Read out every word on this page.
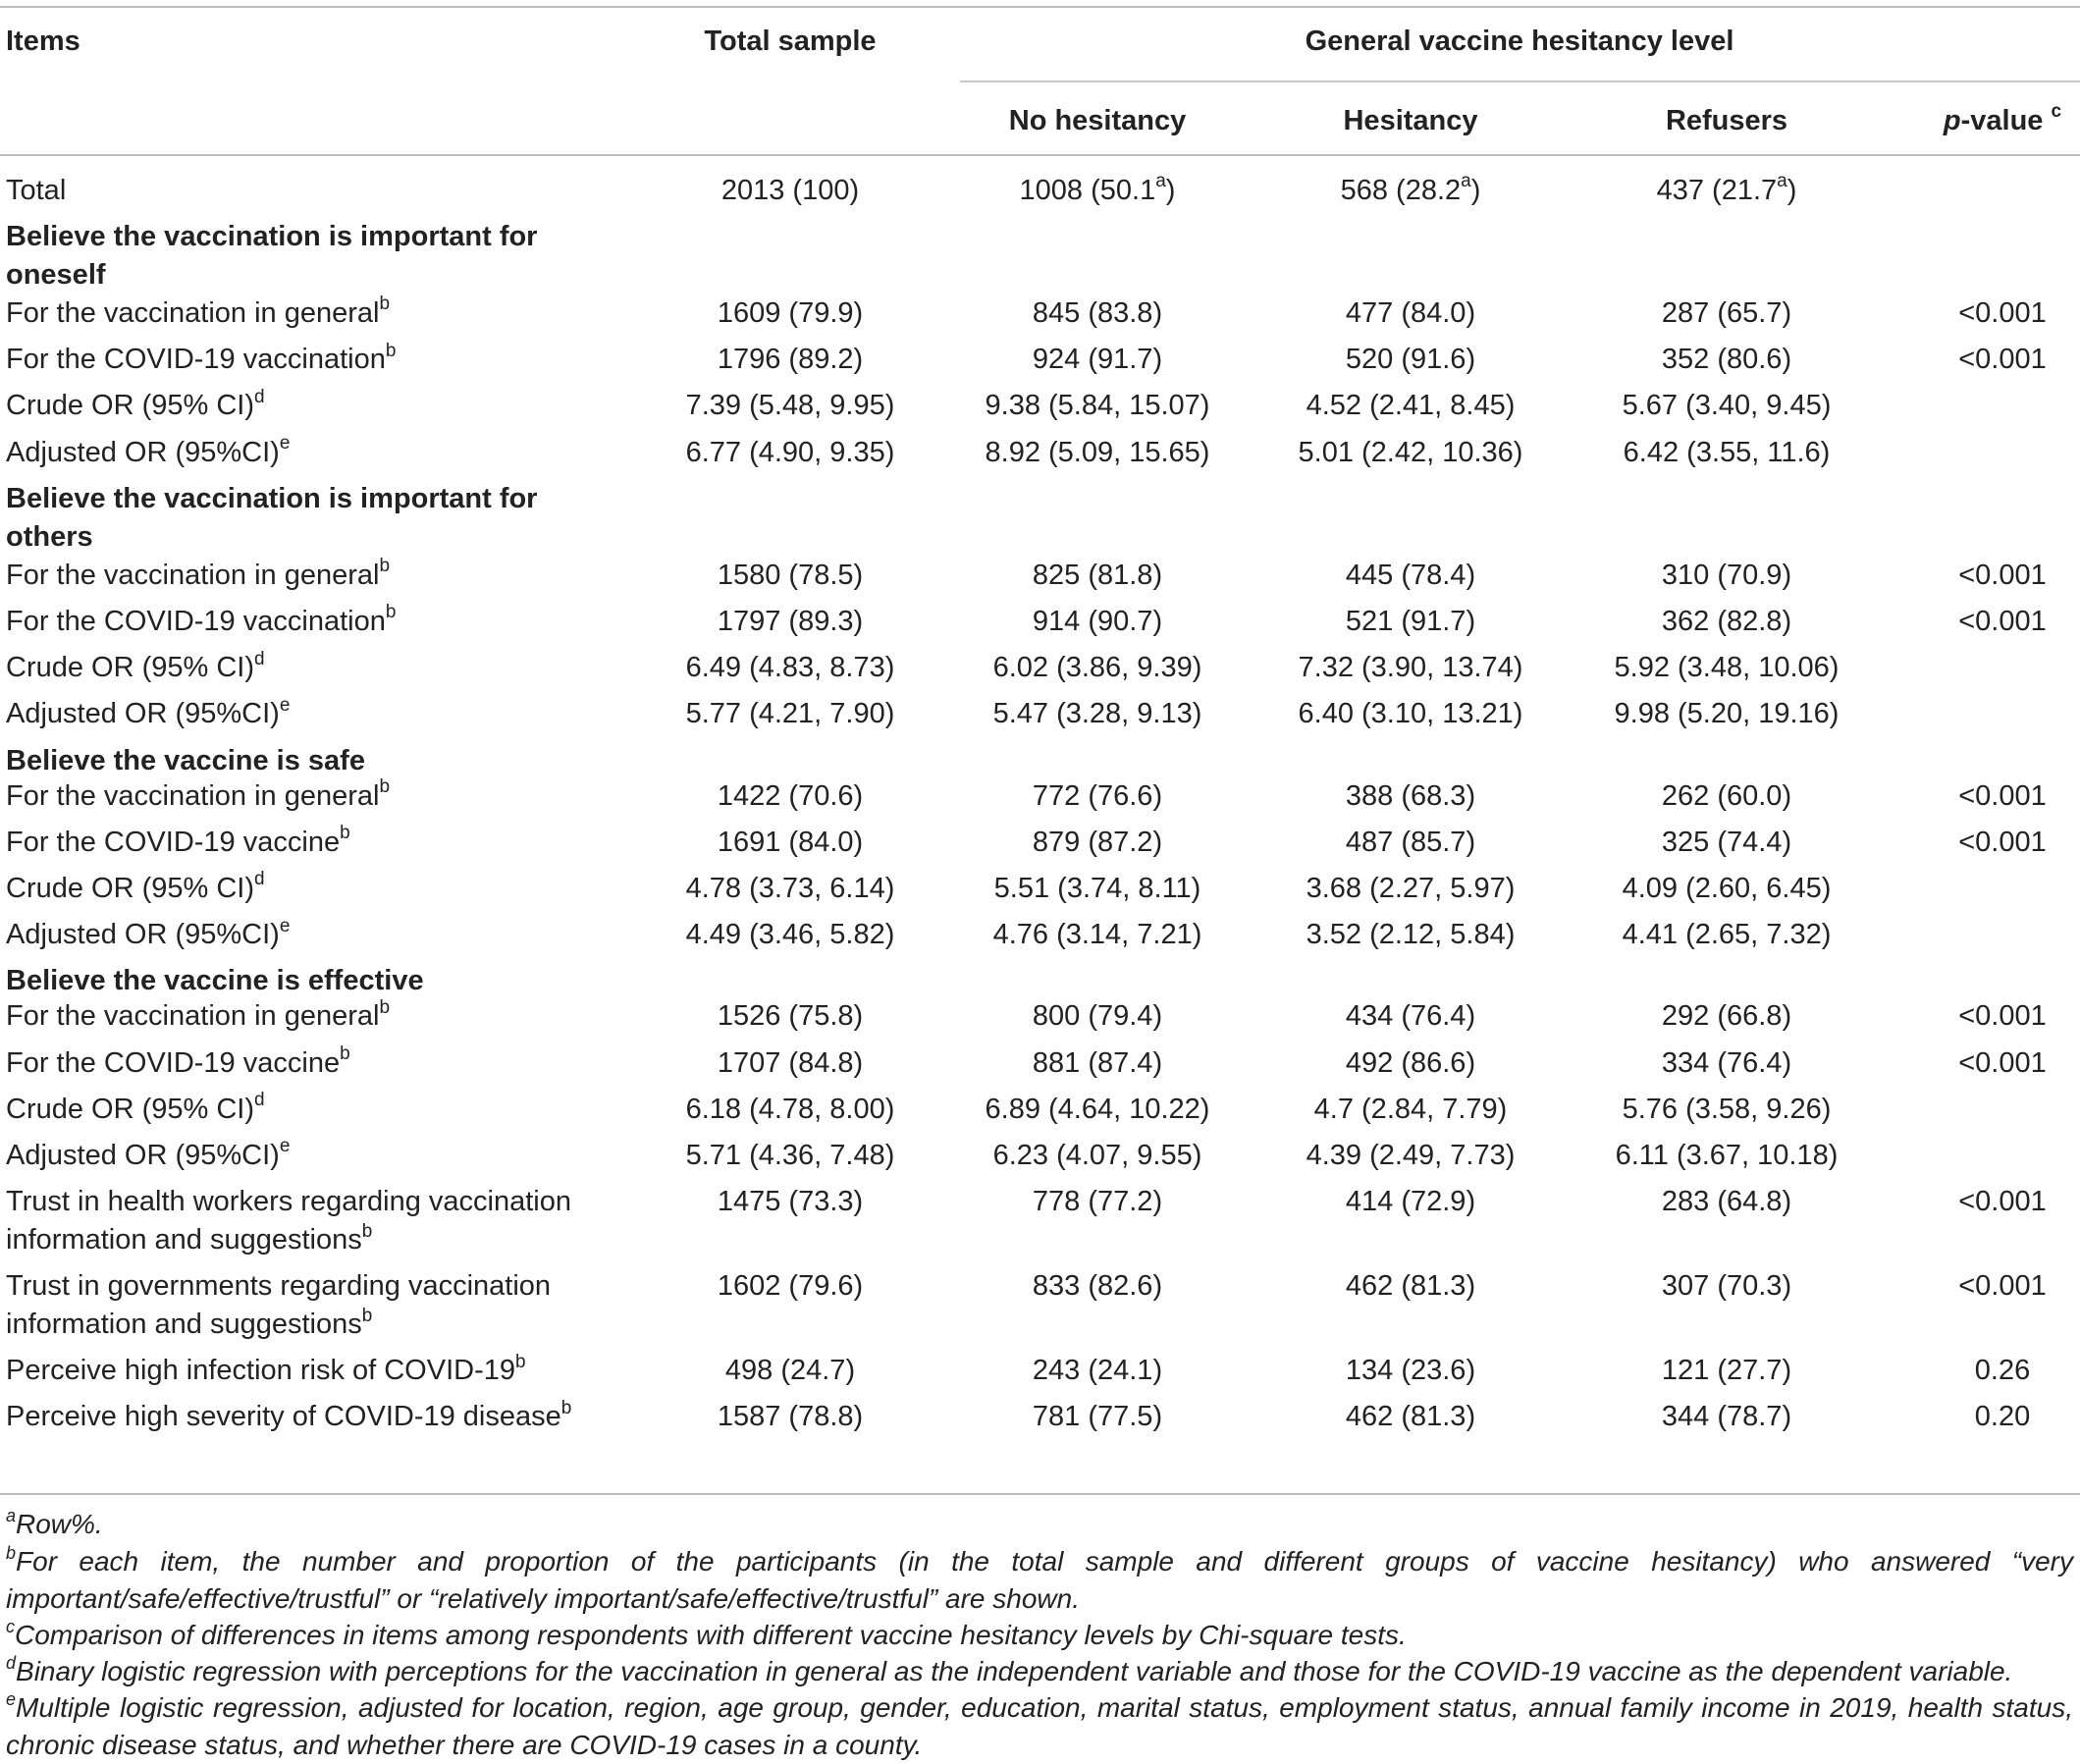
Items	Total sample	General vaccine hesitancy level
No hesitancy	Hesitancy	Refusers	p-value $^c$
Total	2013 (100)	1008 (50.1$^a$)	568 (28.2$^a$)	437 (21.7$^a$)
Believe the vaccination is important for
oneself
For the vaccination in general$^b$	1609 (79.9)	845 (83.8)	477 (84.0)	287 (65.7)	<0.001
For the COVID-19 vaccination$^b$	1796 (89.2)	924 (91.7)	520 (91.6)	352 (80.6)	<0.001
Crude OR (95% CI)$^d$	7.39 (5.48, 9.95)	9.38 (5.84, 15.07)	4.52 (2.41, 8.45)	5.67 (3.40, 9.45)
Adjusted OR $(95\%CI)^e$	6.77 (4.90, 9.35)	8.92 (5.09, 15.65)	5.01 (2.42, 10.36)	6.42 (3.55, 11.6)
Believe the vaccination is important for
others
For the vaccination in general$^b$	1580 (78.5)	825 (81.8)	445 (78.4)	310 (70.9)	<0.001
For the COVID-19 vaccination$^b$	1797 (89.3)	914 (90.7)	521 (91.7)	362 (82.8)	<0.001
Crude OR (95% CI)$^d$	6.49 (4.83, 8.73)	6.02 (3.86, 9.39)	7.32 (3.90, 13.74)	5.92 (3.48, 10.06)
Adjusted OR $(95\%CI)^e$	5.77 (4.21, 7.90)	5.47 (3.28, 9.13)	6.40 (3.10, 13.21)	9.98 (5.20, 19.16)
Believe the vaccine is safe
For the vaccination in general$^b$	1422 (70.6)	772 (76.6)	388 (68.3)	262 (60.0)	<0.001
For the COVID-19 vaccine$^b$	1691 (84.0)	879 (87.2)	487 (85.7)	325 (74.4)	<0.001
Crude OR (95% CI)$^d$	4.78 (3.73, 6.14)	5.51 (3.74, 8.11)	3.68 (2.27, 5.97)	4.09 (2.60, 6.45)
Adjusted OR $(95\%CI)^e$	4.49 (3.46, 5.82)	4.76 (3.14, 7.21)	3.52 (2.12, 5.84)	4.41 (2.65, 7.32)
Believe the vaccine is effective
For the vaccination in general$^b$	1526 (75.8)	800 (79.4)	434 (76.4)	292 (66.8)	<0.001
For the COVID-19 vaccine$^b$	1707 (84.8)	881 (87.4)	492 (86.6)	334 (76.4)	<0.001
Crude OR (95% CI)$^d$	6.18 (4.78, 8.00)	6.89 (4.64, 10.22)	4.7 (2.84, 7.79)	5.76 (3.58, 9.26)
Adjusted OR $(95\%CI)^e$	5.71 (4.36, 7.48)	6.23 (4.07, 9.55)	4.39 (2.49, 7.73)	6.11 (3.67, 10.18)
Trust in health workers regarding vaccination	1475 (73.3)	778 (77.2)	414 (72.9)	283 (64.8)	<0.001
information and suggestions$^b$
Trust in governments regarding vaccination	1602 (79.6)	833 (82.6)	462 (81.3)	307 (70.3)	<0.001
information and suggestions$^b$
Perceive high infection risk of COVID-19$^b$	498 (24.7)	243 (24.1)	134 (23.6)	121 (27.7)	0.26
Perceive high severity of COVID-19 disease$^b$	1587 (78.8)	781 (77.5)	462 (81.3)	344 (78.7)	0.20
$^a$Row%.
$^b$For each item, the number and proportion of the participants (in the total sample and different groups of vaccine hesitancy) who answered “very important/safe/effective/trustful” or “relatively important/safe/effective/trustful” are shown.
$^c$Comparison of differences in items among respondents with different vaccine hesitancy levels by Chi-square tests.
$^d$Binary logistic regression with perceptions for the vaccination in general as the independent variable and those for the COVID-19 vaccine as the dependent variable.
$^e$Multiple logistic regression, adjusted for location, region, age group, gender, education, marital status, employment status, annual family income in 2019, health status, chronic disease status, and whether there are COVID-19 cases in a county.
